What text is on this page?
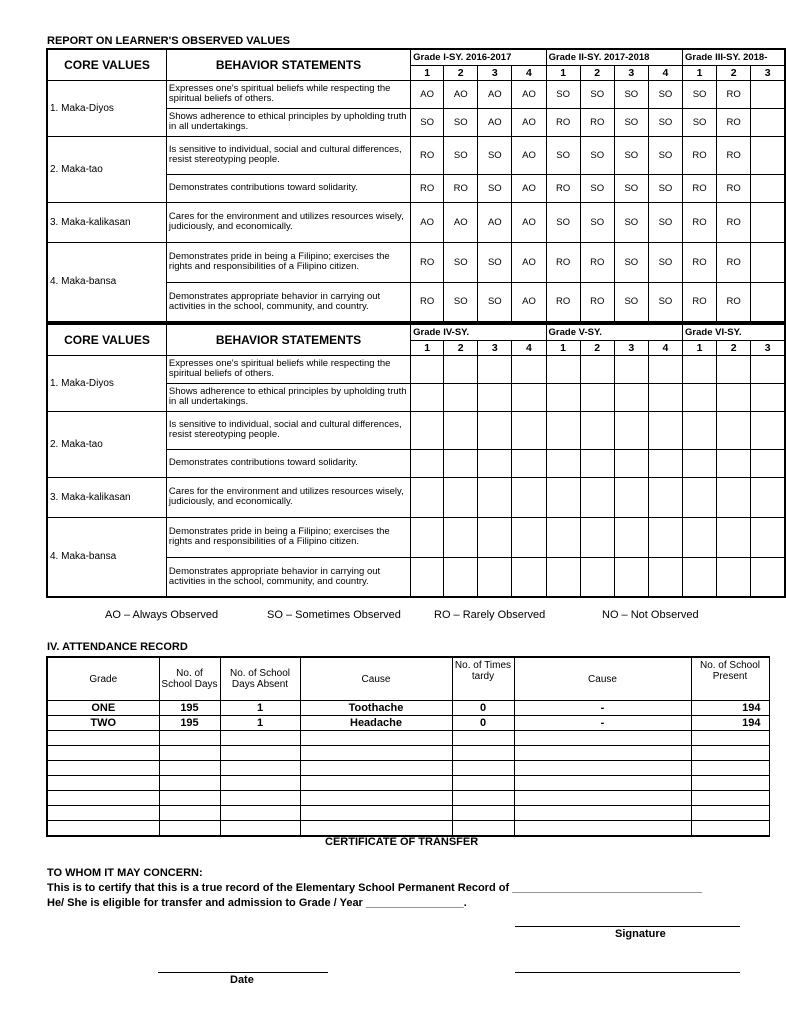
REPORT ON LEARNER'S OBSERVED VALUES
CORE VALUES	BEHAVIOR STATEMENTS	Grade I-SY. 2016-2017				Grade II-SY. 2017-2018				Grade III-SY. 2018-		
		1	2	3	4	1	2	3	4	1	2	3
1. Maka-Diyos	Expresses one's spiritual beliefs while respecting the spiritual beliefs of others.	AO	AO	AO	AO	SO	SO	SO	SO	SO	RO	
	Shows adherence to ethical principles by upholding truth in all undertakings.	SO	SO	AO	AO	RO	RO	SO	SO	SO	RO	
2. Maka-tao	Is sensitive to individual, social and cultural differences, resist stereotyping people.	RO	SO	SO	AO	SO	SO	SO	SO	RO	RO	
	Demonstrates contributions toward solidarity.	RO	RO	SO	AO	RO	SO	SO	SO	RO	RO	
3. Maka-kalikasan	Cares for the environment and utilizes resources wisely, judiciously, and economically.	AO	AO	AO	AO	SO	SO	SO	SO	RO	RO	
4. Maka-bansa	Demonstrates pride in being a Filipino; exercises the rights and responsibilities of a Filipino citizen.	RO	SO	SO	AO	RO	RO	SO	SO	RO	RO	
	Demonstrates appropriate behavior in carrying out activities in the school, community, and country.	RO	SO	SO	AO	RO	RO	SO	SO	RO	RO	
CORE VALUES	BEHAVIOR STATEMENTS	Grade IV-SY.				Grade V-SY.				Grade VI-SY.		
		1	2	3	4	1	2	3	4	1	2	3
1. Maka-Diyos	Expresses one's spiritual beliefs while respecting the spiritual beliefs of others.											
	Shows adherence to ethical principles by upholding truth in all undertakings.											
2. Maka-tao	Is sensitive to individual, social and cultural differences, resist stereotyping people.											
	Demonstrates contributions toward solidarity.											
3. Maka-kalikasan	Cares for the environment and utilizes resources wisely, judiciously, and economically.											
4. Maka-bansa	Demonstrates pride in being a Filipino; exercises the rights and responsibilities of a Filipino citizen.											
	Demonstrates appropriate behavior in carrying out activities in the school, community, and country.											
AO – Always Observed	SO – Sometimes Observed	RO – Rarely Observed	NO – Not Observed
IV. ATTENDANCE RECORD
Grade	No. of School Days	No. of School Days Absent	Cause	No. of Times tardy	Cause	No. of School Present
ONE	195	1	Toothache	0	-	194
TWO	195	1	Headache	0	-	194

CERTIFICATE OF TRANSFER
TO WHOM IT MAY CONCERN:
This is to certify that this is a true record of the Elementary School Permanent Record of _______________________________
He/ She is eligible for transfer and admission to Grade / Year ________________.
Signature
Date
